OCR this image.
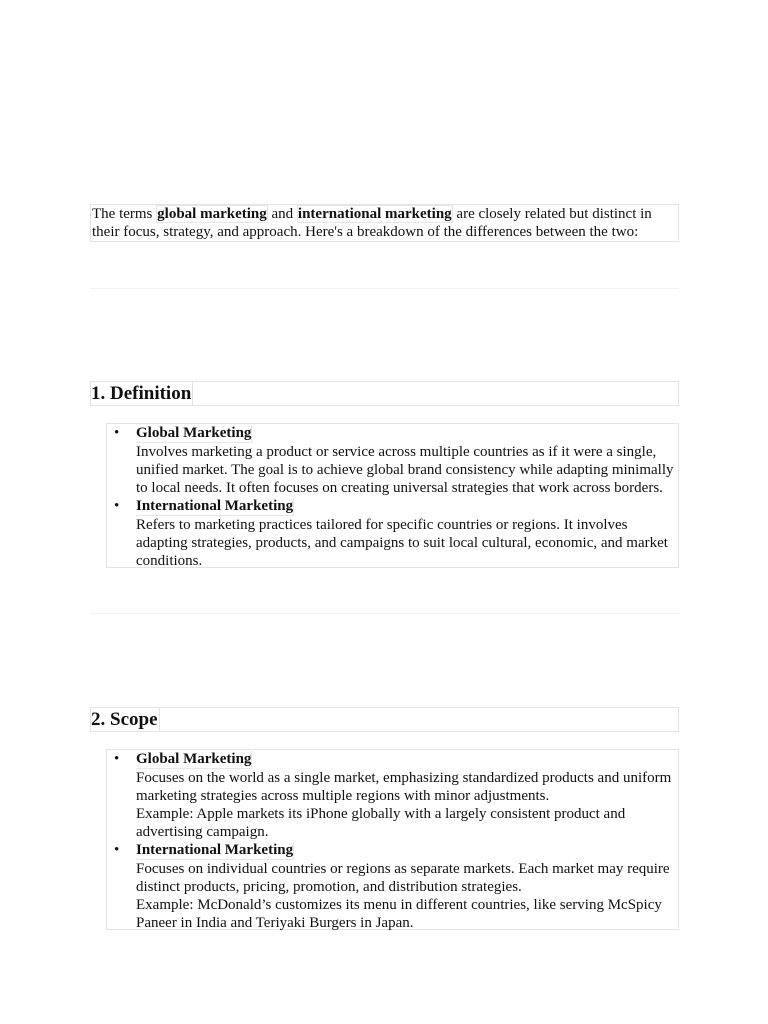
The terms global marketing and international marketing are closely related but distinct in their focus, strategy, and approach. Here's a breakdown of the differences between the two:

1. Definition
• Global Marketing
Involves marketing a product or service across multiple countries as if it were a single, unified market. The goal is to achieve global brand consistency while adapting minimally to local needs. It often focuses on creating universal strategies that work across borders.
• International Marketing
Refers to marketing practices tailored for specific countries or regions. It involves adapting strategies, products, and campaigns to suit local cultural, economic, and market conditions.
2. Scope
• Global Marketing
Focuses on the world as a single market, emphasizing standardized products and uniform marketing strategies across multiple regions with minor adjustments.
Example: Apple markets its iPhone globally with a largely consistent product and advertising campaign.
• International Marketing
Focuses on individual countries or regions as separate markets. Each market may require distinct products, pricing, promotion, and distribution strategies.
Example: McDonald’s customizes its menu in different countries, like serving McSpicy Paneer in India and Teriyaki Burgers in Japan.
